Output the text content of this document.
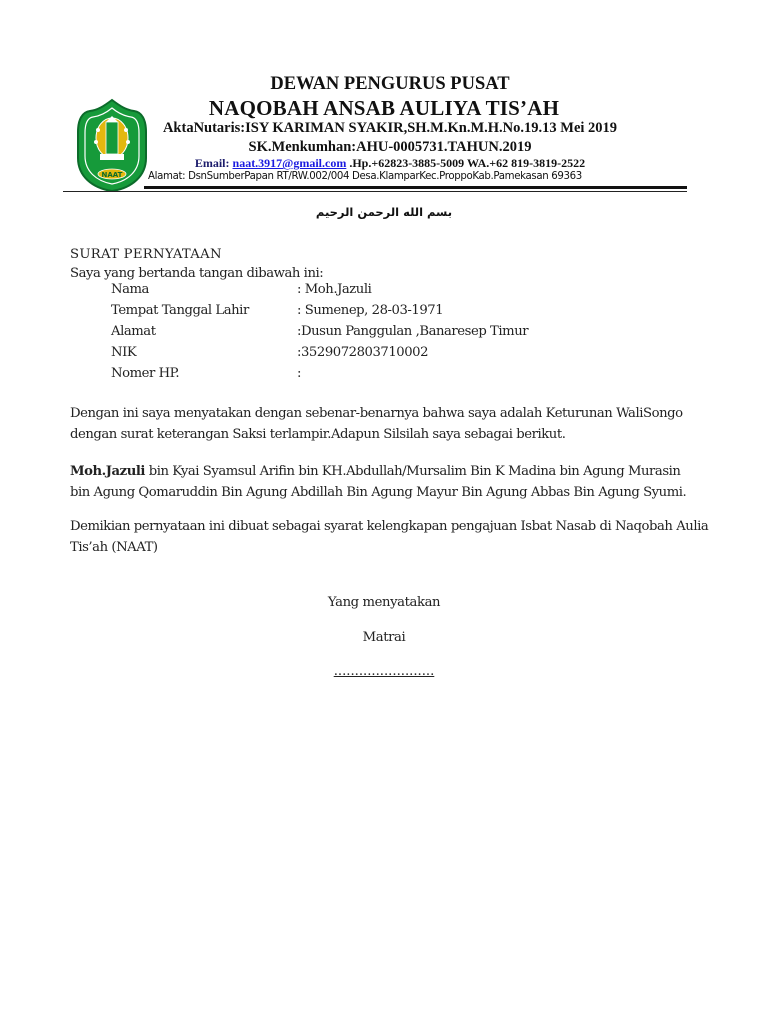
NAAT
DEWAN PENGURUS PUSAT
NAQOBAH ANSAB AULIYA TIS’AH
AktaNutaris:ISY KARIMAN SYAKIR,SH.M.Kn.M.H.No.19.13 Mei 2019
SK.Menkumhan:AHU-0005731.TAHUN.2019
Email: naat.3917@gmail.com .Hp.+62823-3885-5009 WA.+62 819-3819-2522
Alamat: DsnSumberPapan RT/RW.002/004 Desa.KlamparKec.ProppoKab.Pamekasan 69363
بسم الله الرحمن الرحيم
SURAT PERNYATAAN
Saya yang bertanda tangan dibawah ini:
Nama	: Moh.Jazuli
Tempat Tanggal Lahir	: Sumenep, 28-03-1971
Alamat	:Dusun Panggulan ,Banaresep Timur
NIK	:3529072803710002
Nomer HP.	:
Dengan ini saya menyatakan dengan sebenar-benarnya bahwa saya adalah Keturunan WaliSongo
dengan surat keterangan Saksi terlampir.Adapun Silsilah saya sebagai berikut.
Moh.Jazuli bin Kyai Syamsul Arifin bin KH.Abdullah/Mursalim Bin K Madina bin Agung Murasin
bin Agung Qomaruddin Bin Agung Abdillah Bin Agung Mayur Bin Agung Abbas Bin Agung Syumi.
Demikian pernyataan ini dibuat sebagai syarat kelengkapan pengajuan Isbat Nasab di Naqobah Aulia
Tis’ah (NAAT)
Yang menyatakan
Matrai
........................
